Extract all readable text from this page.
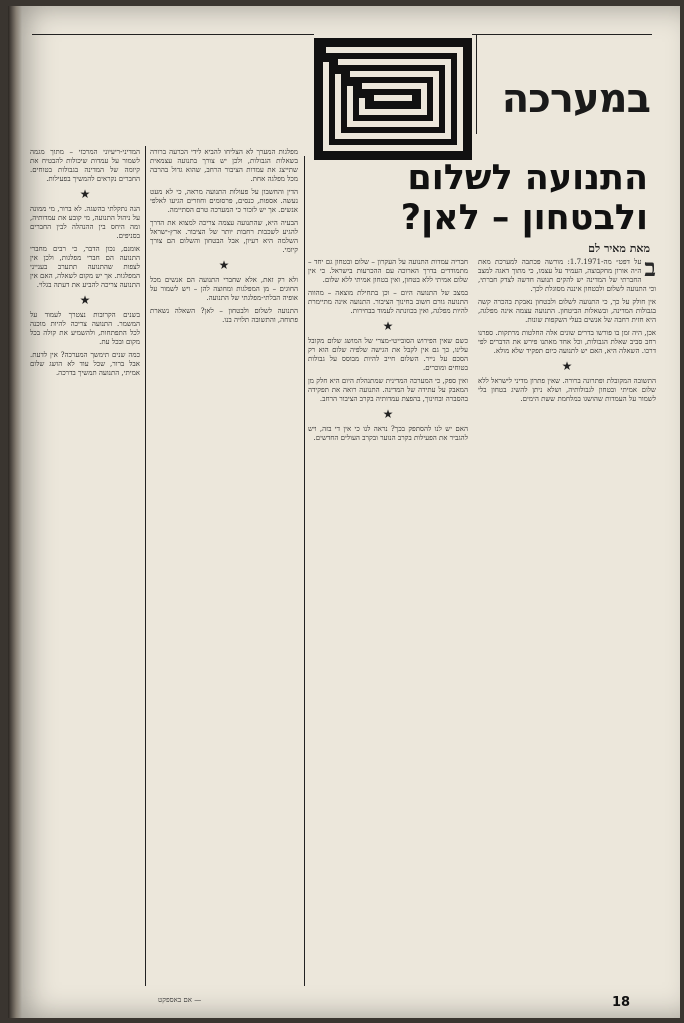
במערכה
התנועה לשלום
ולבטחון – לאן?
מאת מאיר לם

ב
על דפט״ מה-1.7.1971: מורשה פכתבה למערכת מאת ה״ה אורון מחקבוצה, העמיד על עצמו, כי מתוך דאגה למצב החברתי של המדינה יש להקים תנועה חדשה לצדק חברתי, וכי התנועה לשלום ולבטחון איננה מסוגלת לכך.

אין חולק על כך, כי התנועה לשלום ולבטחון נאבקת בהכרה קשה בגבולות המדינה, ובשאלות הביטחון. התנועה עצמה אינה מפלגה, היא חזית רחבה של אנשים בעלי השקפות שונות.

אכן, היה זמן בו פורשו בדרים שונים אלה החלטות מרתקות. ספרנו רחב סביב שאלת הגבולות, וכל אחד מאתנו פירש את הדברים לפי דרכו. השאלה היא, האם יש לתנועה כיום תפקיד שלא מולא.

★

התשובה המקובלת ופתרונה ברורה. שאין פתרון מדיני לישראל ללא שלום אמיתי ובטחון לגבולותיה, ושלא ניתן להשיג בטחון בלי לשמור על העמדות שהושגו במלחמת ששת הימים.

חבריה עמדות התנועה על העקרון – שלום ובטחון גם יחד – מתמודדים בדרך הארוכה עם ההכרעות בישראל. כי אין שלום אמיתי ללא בטחון, ואין בטחון אמיתי ללא שלום.

במצב של התנועה היום – וכן בתחילת מוצאה – מהווה התנועה גורם חשוב בחינוך הציבור. התנועה אינה מתיימרת להיות מפלגה, ואין בכוונתה לעמוד בבחירות.

★

כשם שאין הפירוש הסובייטי-מצרי של המושג שלום מקובל עלינו, כך גם אין לקבל את הגישה שלפיה שלום הוא רק הסכם על נייר. השלום חייב להיות מבוסס על גבולות בטוחים ומוכרים.

ואין ספק, כי המערכה המדינית שמתנהלת היום היא חלק מן המאבק על עתידה של המדינה. התנועה רואה את תפקידה בהסברה ובחינוך, בהפצת עמדותיה בקרב הציבור הרחב.

★

האם יש לנו להסתפק בכך? נראה לנו כי אין די בזה, ויש להגביר את הפעילות בקרב הנוער ובקרב העולים החדשים.

מפלגות המערך לא הצליחו להביא לידי הכרעה ברורה בשאלות הגבולות, ולכן יש צורך בתנועה עצמאית שתייצג את עמדות הציבור הרחב, שהוא גדול בהרבה מכל מפלגה אחת.

הדין והחשבון על פעולות התנועה מראה, כי לא מעט נעשה. אספות, כנסים, פרסומים וחוזרים הגיעו לאלפי אנשים. אך יש לזכור כי המערכה טרם הסתיימה.

הבעיה היא, שהתנועה עצמה צריכה למצוא את הדרך להגיע לשכבות רחבות יותר של הציבור. ארץ-ישראל השלמה היא רעיון, אבל הבטחון והשלום הם צורך קיומי.

★

ולא רק זאת, אלא שחברי התנועה הם אנשים מכל החוגים – מן המפלגות ומחוצה להן – ויש לשמור על אופיה הבלתי-מפלגתי של התנועה.

התנועה לשלום ולבטחון – לאן? השאלה נשארת פתוחה, והתשובה תלויה בנו.

המדיני-ריעיוני המרכזי – מתוך מגמה לשמור על עמדות שיכולות להבטיח את קיומה של המדינה בגבולות בטוחים. החברים נקראים להמשיך בפעילות.

★

הנה נתקלתי בהשגה. לא ברור, מי ממונה על ניהול התנועה, מי קובע את עמדותיה, ומה היחס בין ההנהלה לבין החברים בסניפים.

אומנם, נכון הדבר, כי רבים מחברי התנועה הם חברי מפלגות, ולכן אין לצפות שהתנועה תתערב בענייני המפלגות. אך יש מקום לשאלה, האם אין התנועה צריכה להביע את דעתה בגלוי.

★

בשנים הקרובות נצטרך לעמוד על המשמר. התנועה צריכה להיות מוכנה לכל התפתחות, ולהשמיע את קולה בכל מקום ובכל עת.

כמה שנים תימשך המערכה? אין לדעת. אבל ברור, שכל עוד לא הושג שלום אמיתי, התנועה תמשיך בדרכה.

— אם באספקט	18
